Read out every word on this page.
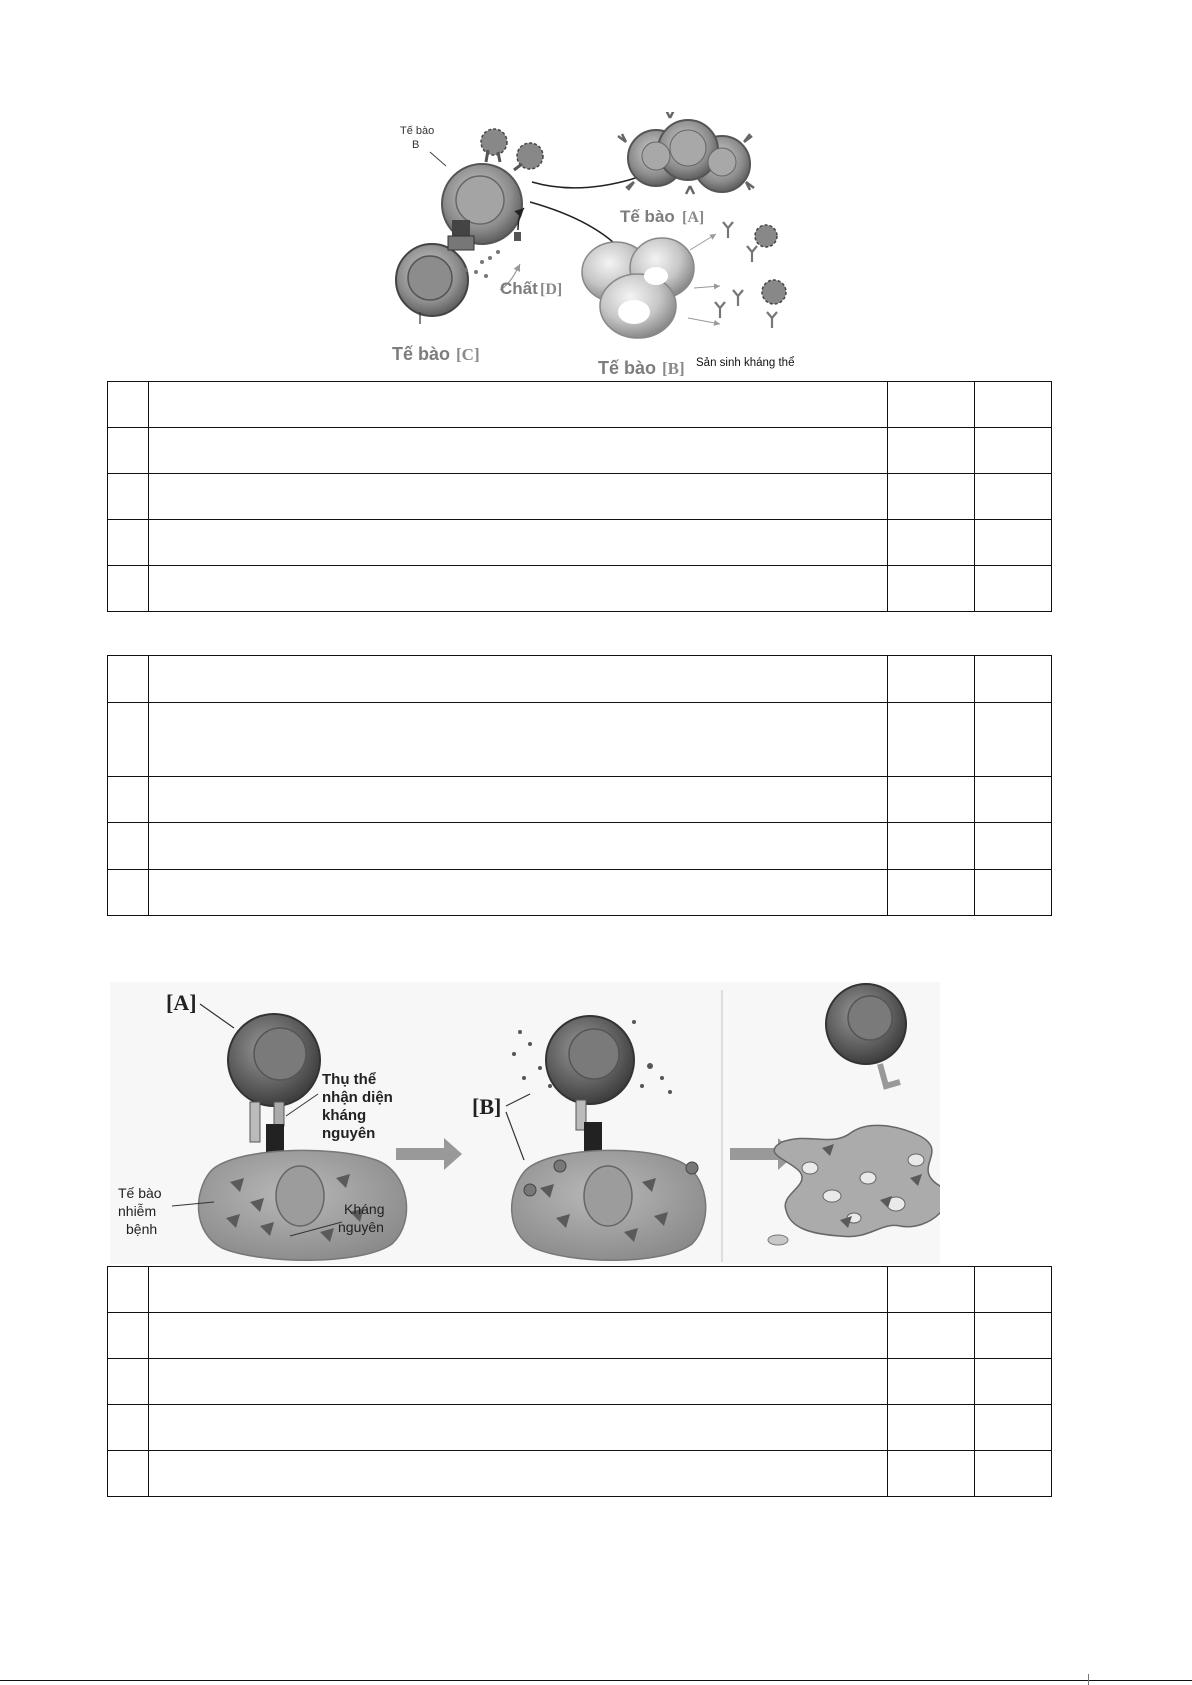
Tế bào
B
Tế bào [A]
Chất [D]
Tế bào [C]
Tế bào [B] Sản sinh kháng thể

[A]
Thụ thể
nhận diện
kháng
nguyên
Tế bào
nhiễm
bệnh
Kháng
nguyên
[B]
